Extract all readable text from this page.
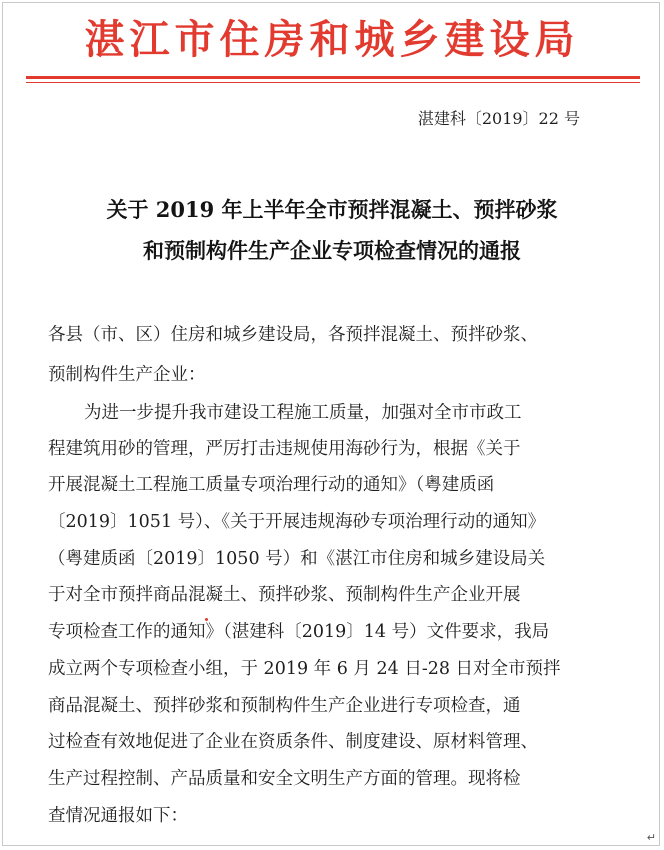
湛江市住房和城乡建设局
湛建科〔2019〕22 号
关于 2019 年上半年全市预拌混凝土、预拌砂浆
和预制构件生产企业专项检查情况的通报
各县（市、区）住房和城乡建设局，各预拌混凝土、预拌砂浆、
预制构件生产企业：
为进一步提升我市建设工程施工质量，加强对全市市政工
程建筑用砂的管理，严厉打击违规使用海砂行为，根据《关于
开展混凝土工程施工质量专项治理行动的通知》（粤建质函
〔2019〕1051 号）、《关于开展违规海砂专项治理行动的通知》
（粤建质函〔2019〕1050 号）和《湛江市住房和城乡建设局关
于对全市预拌商品混凝土、预拌砂浆、预制构件生产企业开展
专项检查工作的通知》（湛建科〔2019〕14 号）文件要求，我局
成立两个专项检查小组，于 2019 年 6 月 24 日-28 日对全市预拌
商品混凝土、预拌砂浆和预制构件生产企业进行专项检查，通
过检查有效地促进了企业在资质条件、制度建设、原材料管理、
生产过程控制、产品质量和安全文明生产方面的管理。现将检
查情况通报如下：
↵
